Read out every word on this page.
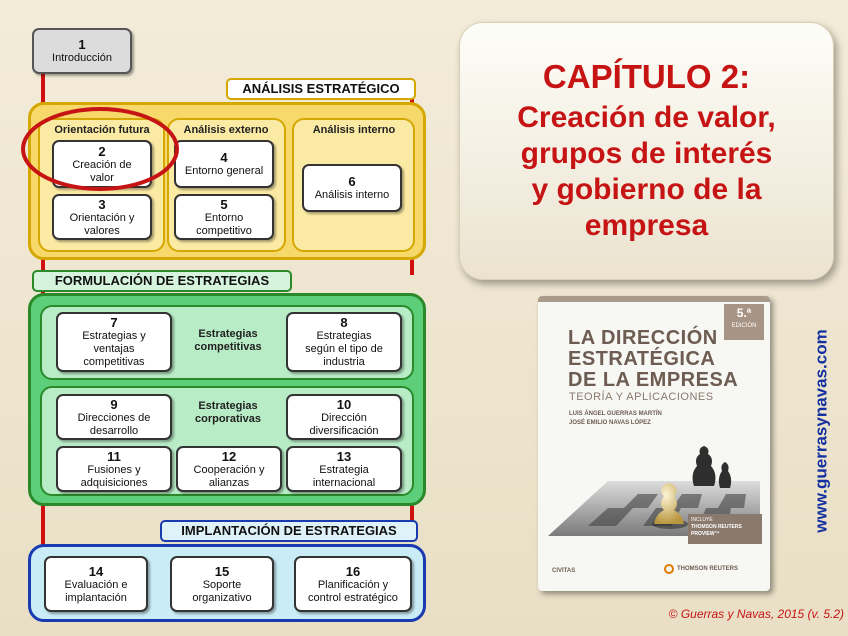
1
Introducción
ANÁLISIS ESTRATÉGICO
Orientación futura	Análisis externo	Análisis interno
2
Creación de
valor
3
Orientación y
valores
4
Entorno general
5
Entorno
competitivo
6
Análisis interno
FORMULACIÓN DE ESTRATEGIAS
7
Estrategias y
ventajas
competitivas
Estrategias
competitivas
8
Estrategias
según el tipo de
industria
9
Direcciones de
desarrollo
Estrategias
corporativas
10
Dirección
diversificación
11
Fusiones y
adquisiciones
12
Cooperación y
alianzas
13
Estrategia
internacional
IMPLANTACIÓN DE ESTRATEGIAS
14
Evaluación e
implantación
15
Soporte
organizativo
16
Planificación y
control estratégico
CAPÍTULO 2:
Creación de valor,
grupos de interés
y gobierno de la
empresa
5.ª
EDICIÓN
LA DIRECCIÓN
ESTRATÉGICA
DE LA EMPRESA
TEORÍA Y APLICACIONES
LUIS ÁNGEL GUERRAS MARTÍN
JOSÉ EMILIO NAVAS LÓPEZ
INCLUYE
THOMSON REUTERS
PROVIEW™
CIVITAS	THOMSON REUTERS
www.guerrasynavas.com
© Guerras y Navas, 2015 (v. 5.2)
